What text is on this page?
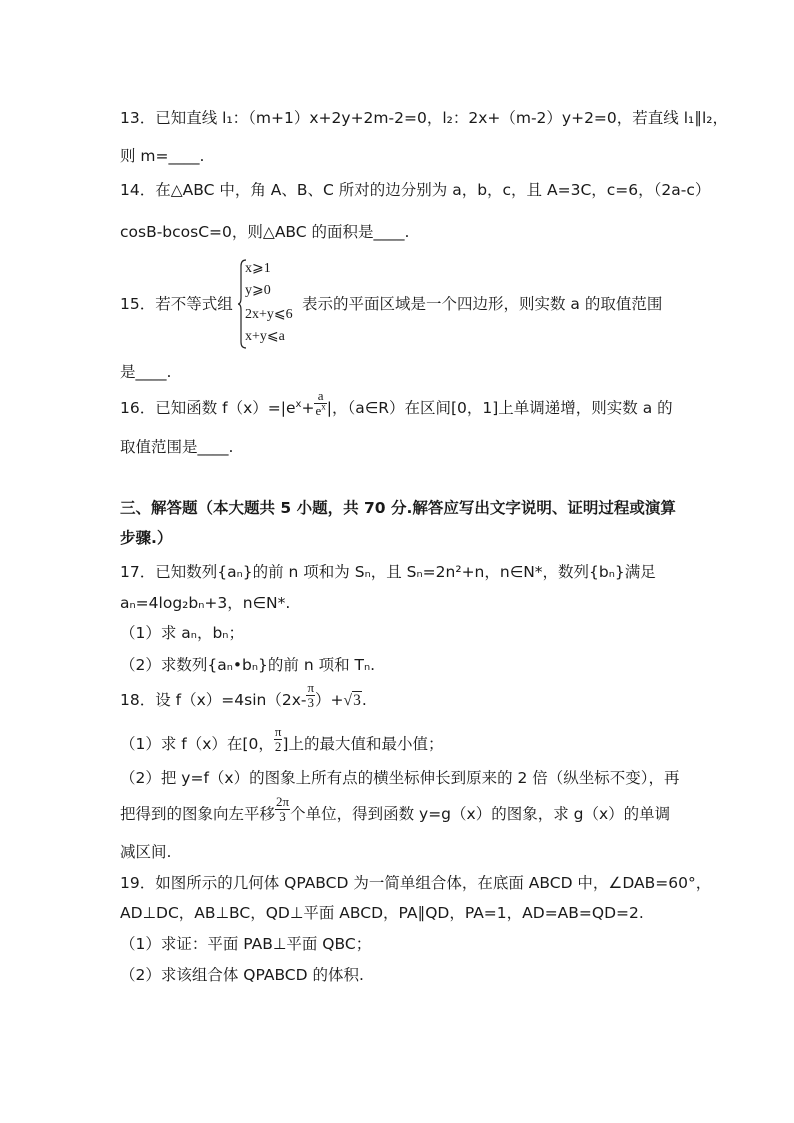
13．已知直线 l₁：（m+1）x+2y+2m-2=0，l₂：2x+（m-2）y+2=0，若直线 l₁∥l₂，
则 m=____.
14．在△ABC 中，角 A、B、C 所对的边分别为 a，b，c，且 A=3C，c=6，（2a-c）
cosB-bcosC=0，则△ABC 的面积是____.
15．若不等式组
x⩾1
y⩾0
2x+y⩽6
x+y⩽a
表示的平面区域是一个四边形，则实数 a 的取值范围
是____.
16．已知函数 $f(x)=|e^x+ \frac{a}{e^x}$ |，（a∈R）在区间[0，1]上单调递增，则实数 a 的
取值范围是____.
三、解答题（本大题共 5 小题，共 70 分.解答应写出文字说明、证明过程或演算
步骤.）
17．已知数列{aₙ}的前 n 项和为 Sₙ，且 Sₙ=2n²+n，n∈N*，数列{bₙ}满足
aₙ=4log₂bₙ+3，n∈N*.
（1）求 aₙ，bₙ；
（2）求数列{aₙ•bₙ}的前 n 项和 Tₙ.
18．设 $f(x)=4\sin(2x- \frac{\pi}{3} )+√3$.
（1）求 f（x）在[0， $\frac{\pi}{2}$ ]上的最大值和最小值；
（2）把 y=f（x）的图象上所有点的横坐标伸长到原来的 2 倍（纵坐标不变），再
把得到的图象向左平移 $\frac{2\pi}{3}$ 个单位，得到函数 y=g（x）的图象，求 g（x）的单调
减区间.
19．如图所示的几何体 QPABCD 为一简单组合体，在底面 ABCD 中，∠DAB=60°，
AD⊥DC，AB⊥BC，QD⊥平面 ABCD，PA∥QD，PA=1，AD=AB=QD=2.
（1）求证：平面 PAB⊥平面 QBC；
（2）求该组合体 QPABCD 的体积.
